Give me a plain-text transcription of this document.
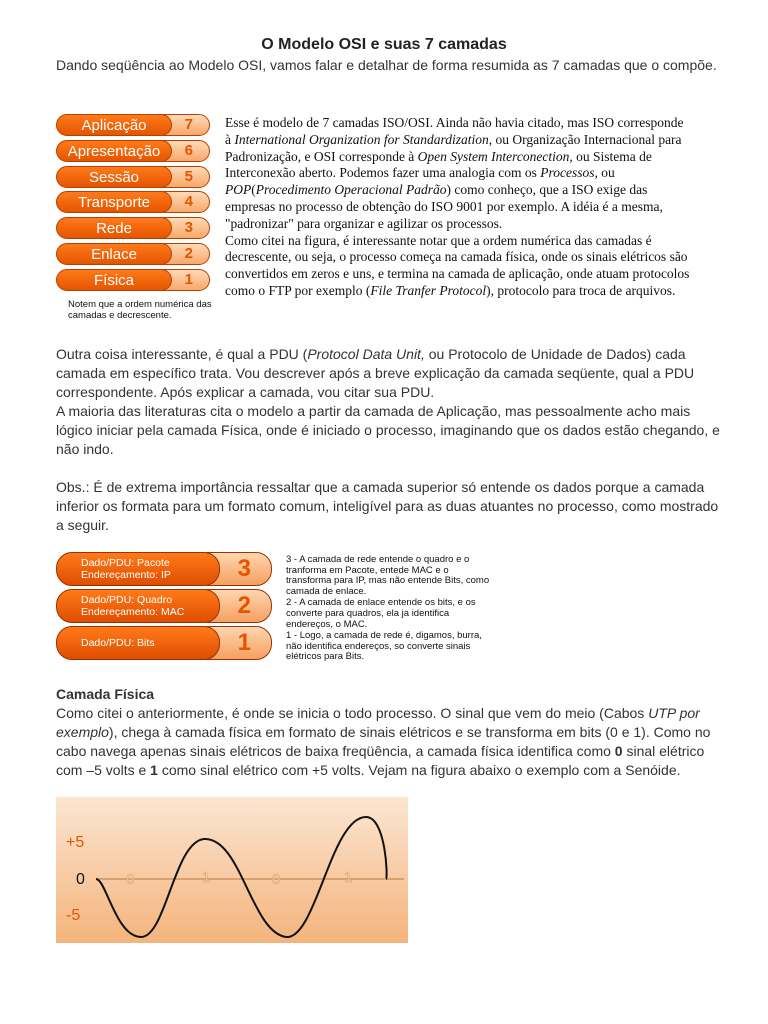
O Modelo OSI e suas 7 camadas

Dando seqüência ao Modelo OSI, vamos falar e detalhar de forma resumida as 7 camadas que o compõe.

Aplicação	7
Apresentação	6
Sessão	5
Transporte	4
Rede	3
Enlace	2
Física	1
Notem que a ordem numérica das camadas e decrescente.

Esse é modelo de 7 camadas ISO/OSI. Ainda não havia citado, mas ISO corresponde à International Organization for Standardization, ou Organização Internacional para Padronização, e OSI corresponde à Open System Interconection, ou Sistema de Interconexão aberto. Podemos fazer uma analogia com os Processos, ou POP(Procedimento Operacional Padrão) como conheço, que a ISO exige das empresas no processo de obtenção do ISO 9001 por exemplo. A idéia é a mesma, "padronizar" para organizar e agilizar os processos.

Como citei na figura, é interessante notar que a ordem numérica das camadas é decrescente, ou seja, o processo começa na camada física, onde os sinais elétricos são convertidos em zeros e uns, e termina na camada de aplicação, onde atuam protocolos como o FTP por exemplo (File Tranfer Protocol), protocolo para troca de arquivos.

Outra coisa interessante, é qual a PDU (Protocol Data Unit, ou Protocolo de Unidade de Dados) cada camada em específico trata. Vou descrever após a breve explicação da camada seqüente, qual a PDU correspondente. Após explicar a camada, vou citar sua PDU.

A maioria das literaturas cita o modelo a partir da camada de Aplicação, mas pessoalmente acho mais lógico iniciar pela camada Física, onde é iniciado o processo, imaginando que os dados estão chegando, e não indo.

Obs.: É de extrema importância ressaltar que a camada superior só entende os dados porque a camada inferior os formata para um formato comum, inteligível para as duas atuantes no processo, como mostrado a seguir.

Dado/PDU: Pacote
Endereçamento: IP	3
Dado/PDU: Quadro
Endereçamento: MAC	2
Dado/PDU: Bits	1

3 - A camada de rede entende o quadro e o tranforma em Pacote, entede MAC e o transforma para IP, mas não entende Bits, como camada de enlace.

2 - A camada de enlace entende os bits, e os converte para quadros, ela ja identifica endereços, o MAC.

1 - Logo, a camada de rede é, digamos, burra, não identifica endereços, so converte sinais elétricos para Bits.

Camada Física

Como citei o anteriormente, é onde se inicia o todo processo. O sinal que vem do meio (Cabos UTP por exemplo), chega à camada física em formato de sinais elétricos e se transforma em bits (0 e 1). Como no cabo navega apenas sinais elétricos de baixa freqüência, a camada física identifica como 0 sinal elétrico com –5 volts e 1 como sinal elétrico com +5 volts. Vejam na figura abaixo o exemplo com a Senóide.

+5
0
-5
0	1	0	1
